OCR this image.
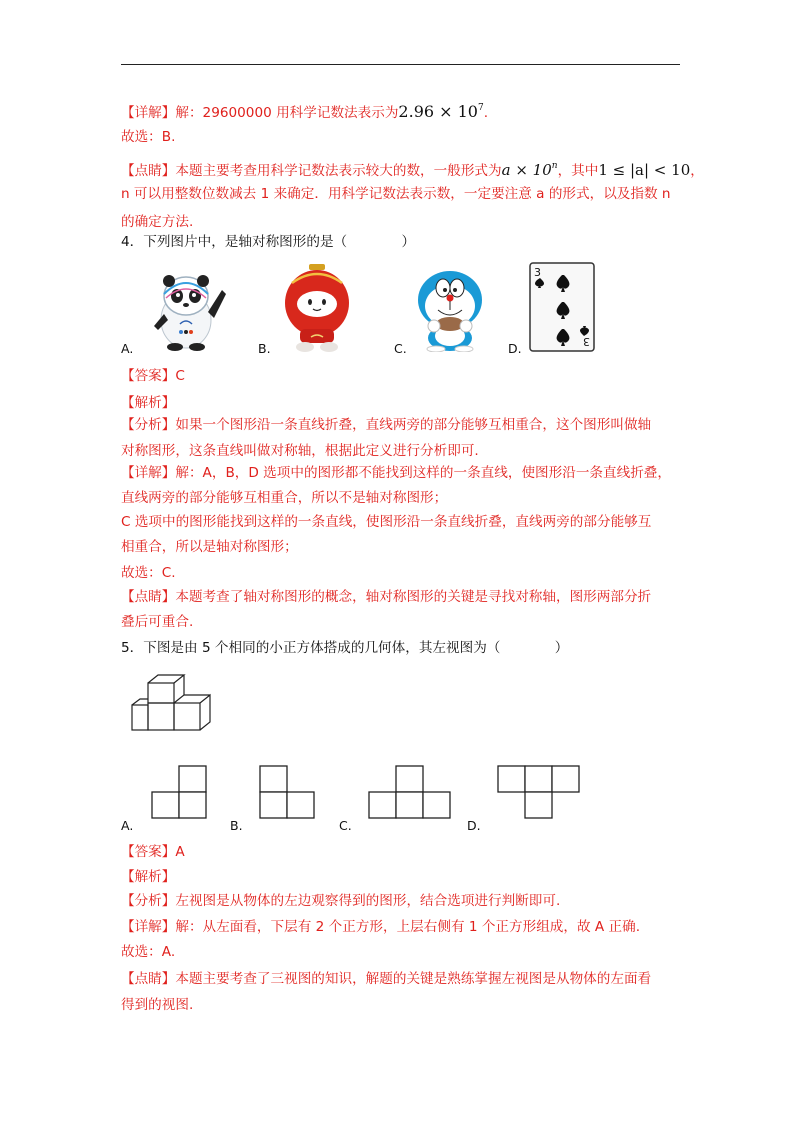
【详解】解：29600000 用科学记数法表示为$2.96 \times 10^7$.
故选：B.
【点睛】本题主要考查用科学记数法表示较大的数，一般形式为$a \times 10^n$，其中1 ≤ |a| < 10，
n 可以用整数位数减去 1 来确定．用科学记数法表示数，一定要注意 a 的形式，以及指数 n
的确定方法.
4．下列图片中，是轴对称图形的是（　　　　）
A.	B.	C.	D.
3
3
【答案】C
【解析】
【分析】如果一个图形沿一条直线折叠，直线两旁的部分能够互相重合，这个图形叫做轴
对称图形，这条直线叫做对称轴，根据此定义进行分析即可.
【详解】解：A，B，D 选项中的图形都不能找到这样的一条直线，使图形沿一条直线折叠，
直线两旁的部分能够互相重合，所以不是轴对称图形；
C 选项中的图形能找到这样的一条直线，使图形沿一条直线折叠，直线两旁的部分能够互
相重合，所以是轴对称图形；
故选：C.
【点睛】本题考查了轴对称图形的概念，轴对称图形的关键是寻找对称轴，图形两部分折
叠后可重合.
5．下图是由 5 个相同的小正方体搭成的几何体，其左视图为（　　　　）
A.	B.	C.	D.
【答案】A
【解析】
【分析】左视图是从物体的左边观察得到的图形，结合选项进行判断即可.
【详解】解：从左面看，下层有 2 个正方形，上层右侧有 1 个正方形组成，故 A 正确.
故选：A.
【点睛】本题主要考查了三视图的知识，解题的关键是熟练掌握左视图是从物体的左面看
得到的视图.
